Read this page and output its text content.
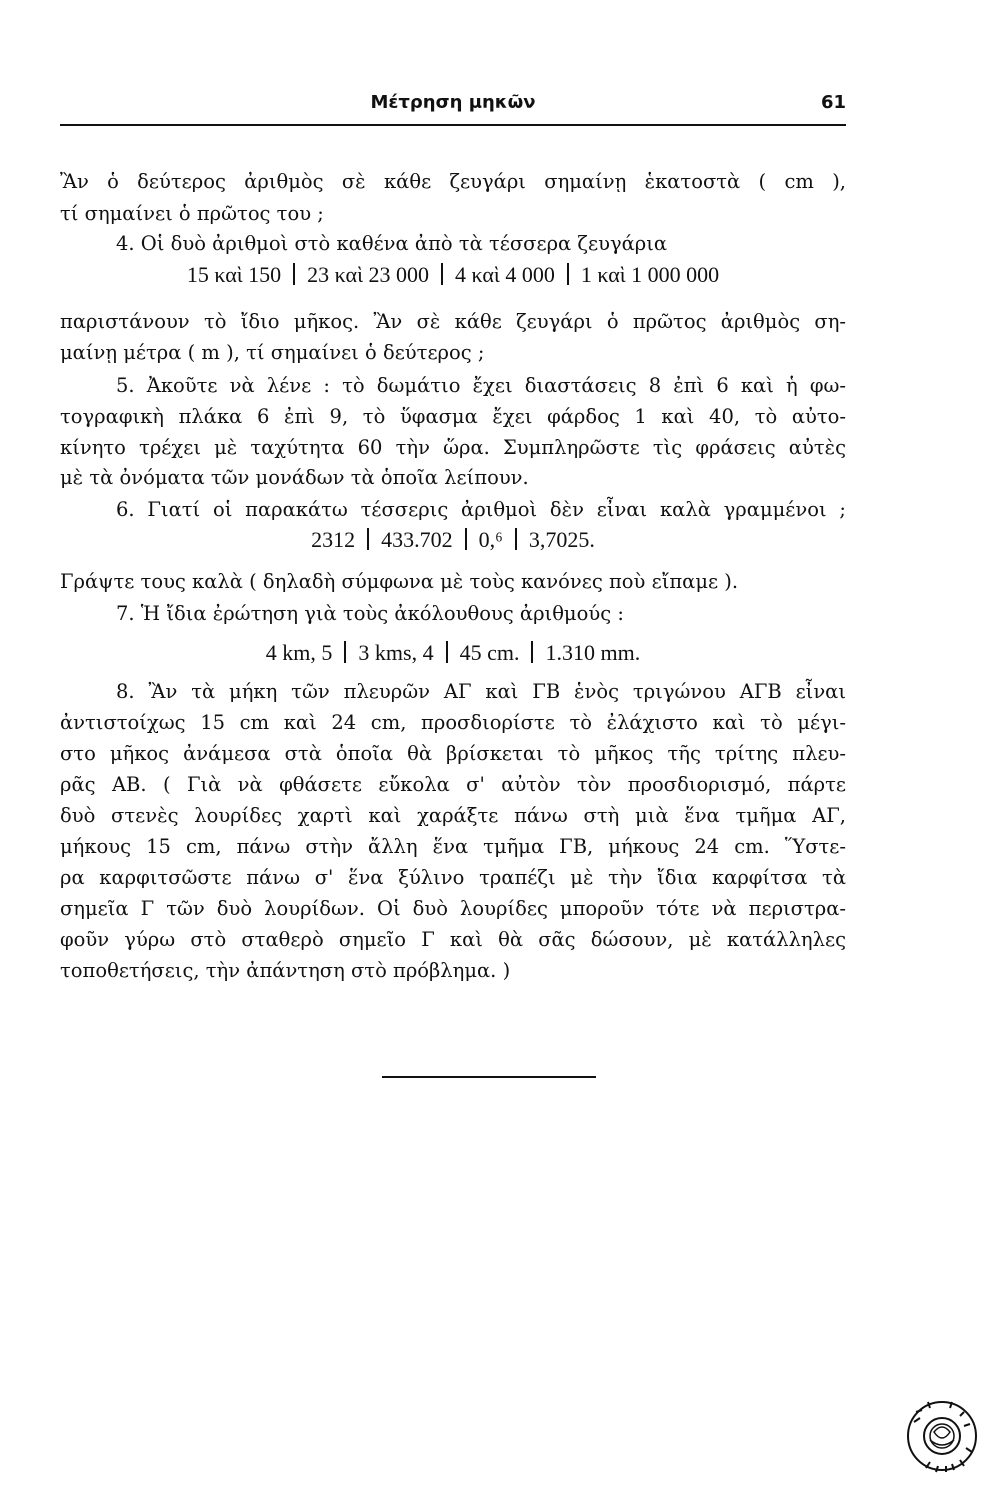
Μέτρηση μηκῶν	61
Ἂν ὁ δεύτερος ἀριθμὸς σὲ κάθε ζευγάρι σημαίνῃ ἑκατοστὰ ( cm ),
τί σημαίνει ὁ πρῶτος του ;
4. Οἱ δυὸ ἀριθμοὶ στὸ καθένα ἀπὸ τὰ τέσσερα ζευγάρια
15 καὶ 150 23 καὶ 23 000 4 καὶ 4 000 1 καὶ 1 000 000
παριστάνουν τὸ ἴδιο μῆκος. Ἂν σὲ κάθε ζευγάρι ὁ πρῶτος ἀριθμὸς ση-
μαίνῃ μέτρα ( m ), τί σημαίνει ὁ δεύτερος ;
5. Ἀκοῦτε νὰ λένε : τὸ δωμάτιο ἔχει διαστάσεις 8 ἐπὶ 6 καὶ ἡ φω-
τογραφικὴ πλάκα 6 ἐπὶ 9, τὸ ὕφασμα ἔχει φάρδος 1 καὶ 40, τὸ αὐτο-
κίνητο τρέχει μὲ ταχύτητα 60 τὴν ὥρα. Συμπληρῶστε τὶς φράσεις αὐτὲς
μὲ τὰ ὀνόματα τῶν μονάδων τὰ ὁποῖα λείπουν.
6. Γιατί οἱ παρακάτω τέσσερις ἀριθμοὶ δὲν εἶναι καλὰ γραμμένοι ;
2312 433.702 0,⁶ 3,7025.
Γράψτε τους καλὰ ( δηλαδὴ σύμφωνα μὲ τοὺς κανόνες ποὺ εἴπαμε ).
7. Ἡ ἴδια ἐρώτηση γιὰ τοὺς ἀκόλουθους ἀριθμούς :
4 km, 5 3 kms, 4 45 cm. 1.310 mm.
8. Ἂν τὰ μήκη τῶν πλευρῶν ΑΓ καὶ ΓΒ ἑνὸς τριγώνου ΑΓΒ εἶναι
ἀντιστοίχως 15 cm καὶ 24 cm, προσδιορίστε τὸ ἐλάχιστο καὶ τὸ μέγι-
στο μῆκος ἀνάμεσα στὰ ὁποῖα θὰ βρίσκεται τὸ μῆκος τῆς τρίτης πλευ-
ρᾶς ΑΒ. ( Γιὰ νὰ φθάσετε εὔκολα σ' αὐτὸν τὸν προσδιορισμό, πάρτε
δυὸ στενὲς λουρίδες χαρτὶ καὶ χαράξτε πάνω στὴ μιὰ ἕνα τμῆμα ΑΓ,
μήκους 15 cm, πάνω στὴν ἄλλη ἕνα τμῆμα ΓΒ, μήκους 24 cm. Ὕστε-
ρα καρφιτσῶστε πάνω σ' ἕνα ξύλινο τραπέζι μὲ τὴν ἴδια καρφίτσα τὰ
σημεῖα Γ τῶν δυὸ λουρίδων. Οἱ δυὸ λουρίδες μποροῦν τότε νὰ περιστρα-
φοῦν γύρω στὸ σταθερὸ σημεῖο Γ καὶ θὰ σᾶς δώσουν, μὲ κατάλληλες
τοποθετήσεις, τὴν ἀπάντηση στὸ πρόβλημα. )
